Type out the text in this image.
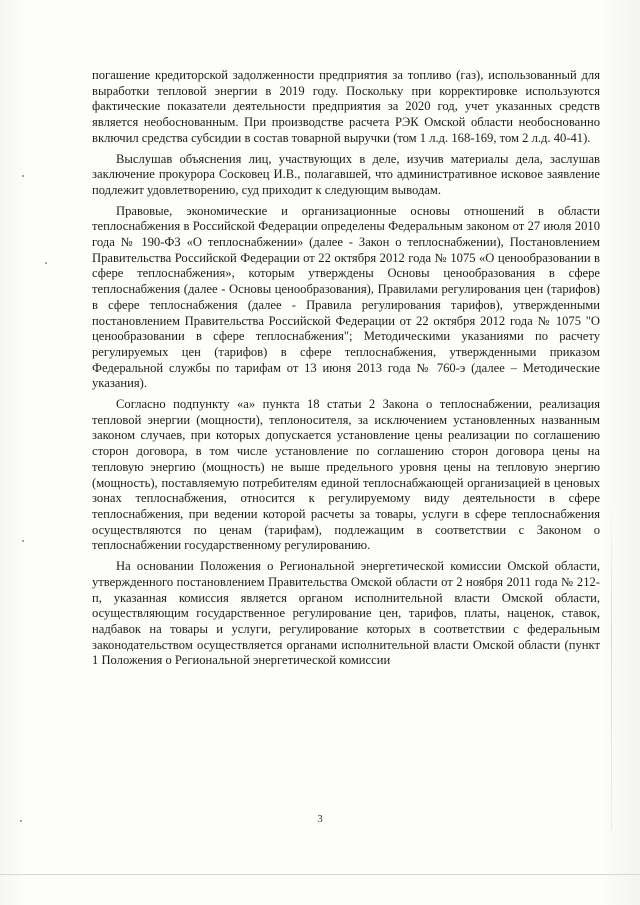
погашение кредиторской задолженности предприятия за топливо (газ), использованный для выработки тепловой энергии в 2019 году. Поскольку при корректировке используются фактические показатели деятельности предприятия за 2020 год, учет указанных средств является необоснованным. При производстве расчета РЭК Омской области необоснованно включил средства субсидии в состав товарной выручки (том 1 л.д. 168-169, том 2 л.д. 40-41).

Выслушав объяснения лиц, участвующих в деле, изучив материалы дела, заслушав заключение прокурора Сосковец И.В., полагавшей, что административное исковое заявление подлежит удовлетворению, суд приходит к следующим выводам.

Правовые, экономические и организационные основы отношений в области теплоснабжения в Российской Федерации определены Федеральным законом от 27 июля 2010 года № 190-ФЗ «О теплоснабжении» (далее - Закон о теплоснабжении), Постановлением Правительства Российской Федерации от 22 октября 2012 года № 1075 «О ценообразовании в сфере теплоснабжения», которым утверждены Основы ценообразования в сфере теплоснабжения (далее - Основы ценообразования), Правилами регулирования цен (тарифов) в сфере теплоснабжения (далее - Правила регулирования тарифов), утвержденными постановлением Правительства Российской Федерации от 22 октября 2012 года № 1075 "О ценообразовании в сфере теплоснабжения"; Методическими указаниями по расчету регулируемых цен (тарифов) в сфере теплоснабжения, утвержденными приказом Федеральной службы по тарифам от 13 июня 2013 года № 760-э (далее – Методические указания).

Согласно подпункту «а» пункта 18 статьи 2 Закона о теплоснабжении, реализация тепловой энергии (мощности), теплоносителя, за исключением установленных названным законом случаев, при которых допускается установление цены реализации по соглашению сторон договора, в том числе установление по соглашению сторон договора цены на тепловую энергию (мощность) не выше предельного уровня цены на тепловую энергию (мощность), поставляемую потребителям единой теплоснабжающей организацией в ценовых зонах теплоснабжения, относится к регулируемому виду деятельности в сфере теплоснабжения, при ведении которой расчеты за товары, услуги в сфере теплоснабжения осуществляются по ценам (тарифам), подлежащим в соответствии с Законом о теплоснабжении государственному регулированию.

На основании Положения о Региональной энергетической комиссии Омской области, утвержденного постановлением Правительства Омской области от 2 ноября 2011 года № 212-п, указанная комиссия является органом исполнительной власти Омской области, осуществляющим государственное регулирование цен, тарифов, платы, наценок, ставок, надбавок на товары и услуги, регулирование которых в соответствии с федеральным законодательством осуществляется органами исполнительной власти Омской области (пункт 1 Положения о Региональной энергетической комиссии

3
